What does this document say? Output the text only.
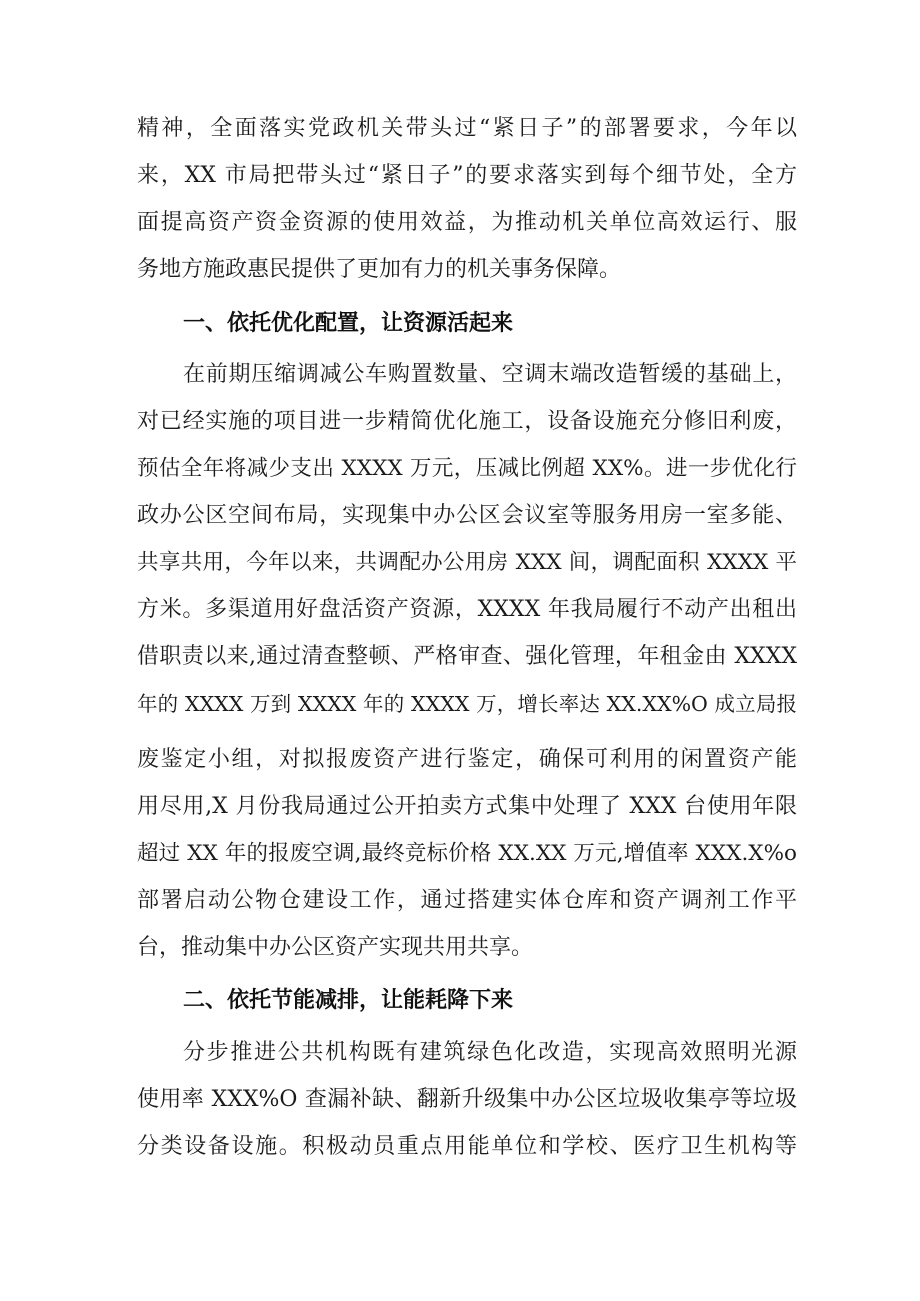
精神，全面落实党政机关带头过“紧日子”的部署要求，今年以
来，XX 市局把带头过“紧日子”的要求落实到每个细节处，全方
面提高资产资金资源的使用效益，为推动机关单位高效运行、服
务地方施政惠民提供了更加有力的机关事务保障。
一、依托优化配置，让资源活起来
在前期压缩调减公车购置数量、空调末端改造暂缓的基础上，
对已经实施的项目进一步精简优化施工，设备设施充分修旧利废，
预估全年将减少支出 XXXX 万元，压减比例超 XX%。进一步优化行
政办公区空间布局，实现集中办公区会议室等服务用房一室多能、
共享共用，今年以来，共调配办公用房 XXX 间，调配面积 XXXX 平
方米。多渠道用好盘活资产资源，XXXX 年我局履行不动产出租出
借职责以来,通过清查整顿、严格审查、强化管理，年租金由 XXXX
年的 XXXX 万到 XXXX 年的 XXXX 万，增长率达 XX.XX%O 成立局报
废鉴定小组，对拟报废资产进行鉴定，确保可利用的闲置资产能
用尽用,X 月份我局通过公开拍卖方式集中处理了 XXX 台使用年限
超过 XX 年的报废空调,最终竞标价格 XX.XX 万元,增值率 XXX.X%o
部署启动公物仓建设工作，通过搭建实体仓库和资产调剂工作平
台，推动集中办公区资产实现共用共享。
二、依托节能减排，让能耗降下来
分步推进公共机构既有建筑绿色化改造，实现高效照明光源
使用率 XXX%O 查漏补缺、翻新升级集中办公区垃圾收集亭等垃圾
分类设备设施。积极动员重点用能单位和学校、医疗卫生机构等
